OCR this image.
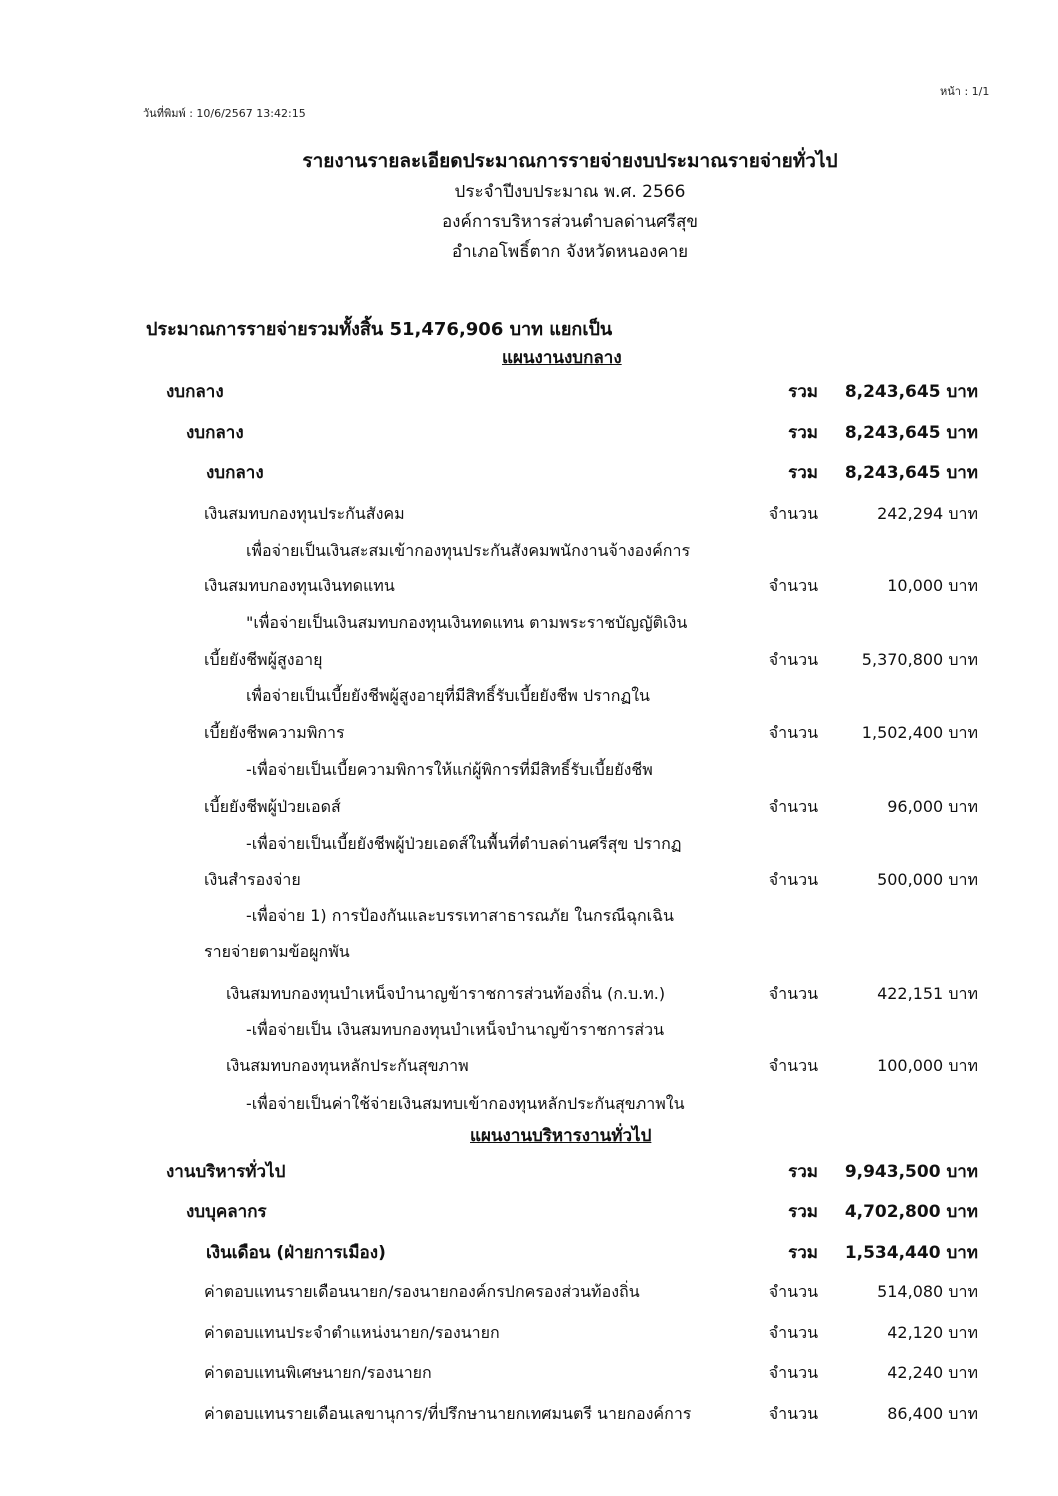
หน้า : 1/1
วันที่พิมพ์ : 10/6/2567 13:42:15
รายงานรายละเอียดประมาณการรายจ่ายงบประมาณรายจ่ายทั่วไป
ประจำปีงบประมาณ พ.ศ. 2566
องค์การบริหารส่วนตำบลด่านศรีสุข
อำเภอโพธิ์ตาก จังหวัดหนองคาย
ประมาณการรายจ่ายรวมทั้งสิ้น 51,476,906 บาท แยกเป็น
แผนงานงบกลาง
งบกลาง	รวม	8,243,645 บาท
งบกลาง	รวม	8,243,645 บาท
งบกลาง	รวม	8,243,645 บาท
เงินสมทบกองทุนประกันสังคม	จำนวน	242,294 บาท
เพื่อจ่ายเป็นเงินสะสมเข้ากองทุนประกันสังคมพนักงานจ้างองค์การ
เงินสมทบกองทุนเงินทดแทน	จำนวน	10,000 บาท
"เพื่อจ่ายเป็นเงินสมทบกองทุนเงินทดแทน ตามพระราชบัญญัติเงิน
เบี้ยยังชีพผู้สูงอายุ	จำนวน	5,370,800 บาท
เพื่อจ่ายเป็นเบี้ยยังชีพผู้สูงอายุที่มีสิทธิ์รับเบี้ยยังชีพ ปรากฏใน
เบี้ยยังชีพความพิการ	จำนวน	1,502,400 บาท
-เพื่อจ่ายเป็นเบี้ยความพิการให้แก่ผู้พิการที่มีสิทธิ์รับเบี้ยยังชีพ
เบี้ยยังชีพผู้ป่วยเอดส์	จำนวน	96,000 บาท
-เพื่อจ่ายเป็นเบี้ยยังชีพผู้ป่วยเอดส์ในพื้นที่ตำบลด่านศรีสุข ปรากฏ
เงินสำรองจ่าย	จำนวน	500,000 บาท
-เพื่อจ่าย 1) การป้องกันและบรรเทาสาธารณภัย ในกรณีฉุกเฉิน
รายจ่ายตามข้อผูกพัน
เงินสมทบกองทุนบำเหน็จบำนาญข้าราชการส่วนท้องถิ่น (ก.บ.ท.)	จำนวน	422,151 บาท
-เพื่อจ่ายเป็น เงินสมทบกองทุนบำเหน็จบำนาญข้าราชการส่วน
เงินสมทบกองทุนหลักประกันสุขภาพ	จำนวน	100,000 บาท
-เพื่อจ่ายเป็นค่าใช้จ่ายเงินสมทบเข้ากองทุนหลักประกันสุขภาพใน
แผนงานบริหารงานทั่วไป
งานบริหารทั่วไป	รวม	9,943,500 บาท
งบบุคลากร	รวม	4,702,800 บาท
เงินเดือน (ฝ่ายการเมือง)	รวม	1,534,440 บาท
ค่าตอบแทนรายเดือนนายก/รองนายกองค์กรปกครองส่วนท้องถิ่น	จำนวน	514,080 บาท
ค่าตอบแทนประจำตำแหน่งนายก/รองนายก	จำนวน	42,120 บาท
ค่าตอบแทนพิเศษนายก/รองนายก	จำนวน	42,240 บาท
ค่าตอบแทนรายเดือนเลขานุการ/ที่ปรึกษานายกเทศมนตรี นายกองค์การ	จำนวน	86,400 บาท
